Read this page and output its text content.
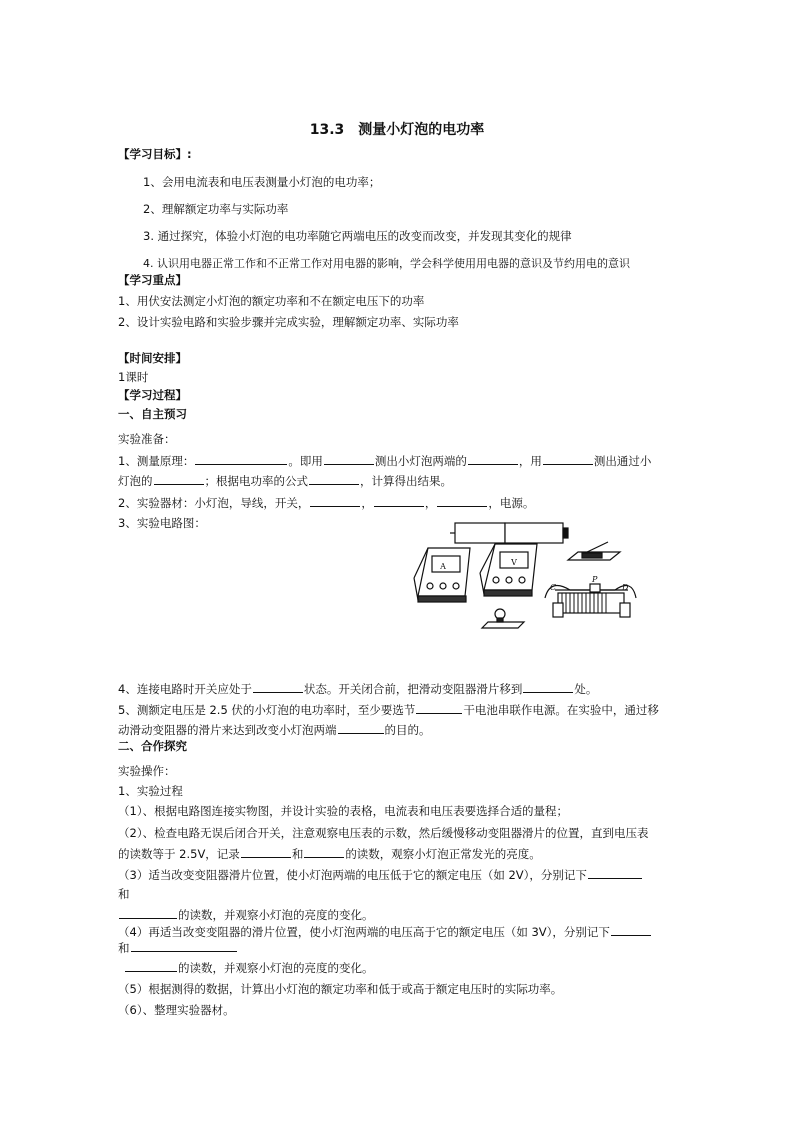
13.3　测量小灯泡的电功率
【学习目标】:
1、会用电流表和电压表测量小灯泡的电功率；
2、理解额定功率与实际功率
3. 通过探究，体验小灯泡的电功率随它两端电压的改变而改变，并发现其变化的规律
4. 认识用电器正常工作和不正常工作对用电器的影响，学会科学使用用电器的意识及节约用电的意识
【学习重点】
1、用伏安法测定小灯泡的额定功率和不在额定电压下的功率
2、设计实验电路和实验步骤并完成实验，理解额定功率、实际功率
【时间安排】
1课时
【学习过程】
一、自主预习
实验准备：
1、测量原理：	。即用	测出小灯泡两端的	，用	测出通过小
灯泡的	；根据电功率的公式	，计算得出结果。
2、实验器材：小灯泡，导线，开关，	，	，	，电源。
3、实验电路图：
A	V
C
P
D
4、连接电路时开关应处于	状态。开关闭合前，把滑动变阻器滑片移到	处。
5、测额定电压是 2.5 伏的小灯泡的电功率时，至少要选节	干电池串联作电源。在实验中，通过移
动滑动变阻器的滑片来达到改变小灯泡两端	的目的。
二、合作探究
实验操作：
1、实验过程
（1）、根据电路图连接实物图，并设计实验的表格，电流表和电压表要选择合适的量程；
（2）、检查电路无误后闭合开关，注意观察电压表的示数，然后缓慢移动变阻器滑片的位置，直到电压表
的读数等于 2.5V，记录	和	的读数，观察小灯泡正常发光的亮度。
（3）适当改变变阻器滑片位置，使小灯泡两端的电压低于它的额定电压（如 2V），分别记下
和
的读数，并观察小灯泡的亮度的变化。
（4）再适当改变变阻器的滑片位置，使小灯泡两端的电压高于它的额定电压（如 3V），分别记下
和
的读数，并观察小灯泡的亮度的变化。
（5）根据测得的数据，计算出小灯泡的额定功率和低于或高于额定电压时的实际功率。
（6）、整理实验器材。
